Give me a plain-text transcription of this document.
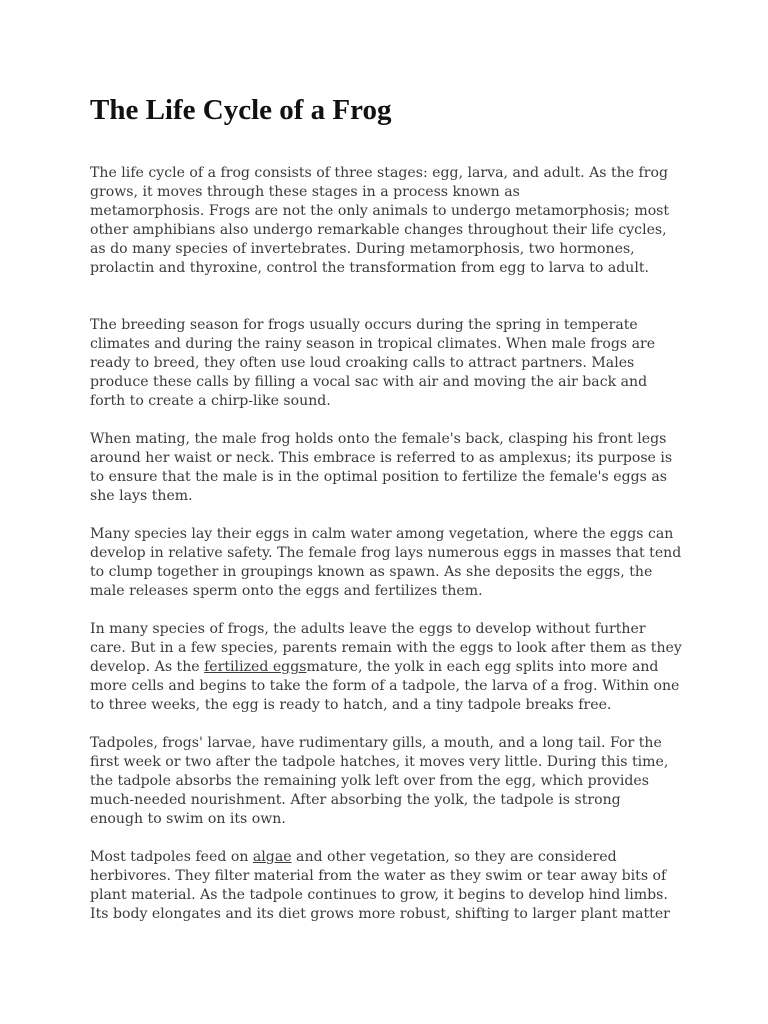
The Life Cycle of a Frog

The life cycle of a frog consists of three stages: egg, larva, and adult. As the frog
grows, it moves through these stages in a process known as
metamorphosis. Frogs are not the only animals to undergo metamorphosis; most
other amphibians also undergo remarkable changes throughout their life cycles,
as do many species of invertebrates. During metamorphosis, two hormones,
prolactin and thyroxine, control the transformation from egg to larva to adult.

The breeding season for frogs usually occurs during the spring in temperate
climates and during the rainy season in tropical climates. When male frogs are
ready to breed, they often use loud croaking calls to attract partners. Males
produce these calls by filling a vocal sac with air and moving the air back and
forth to create a chirp-like sound.

When mating, the male frog holds onto the female's back, clasping his front legs
around her waist or neck. This embrace is referred to as amplexus; its purpose is
to ensure that the male is in the optimal position to fertilize the female's eggs as
she lays them.

Many species lay their eggs in calm water among vegetation, where the eggs can
develop in relative safety. The female frog lays numerous eggs in masses that tend
to clump together in groupings known as spawn. As she deposits the eggs, the
male releases sperm onto the eggs and fertilizes them.

In many species of frogs, the adults leave the eggs to develop without further
care. But in a few species, parents remain with the eggs to look after them as they
develop. As the fertilized eggsmature, the yolk in each egg splits into more and
more cells and begins to take the form of a tadpole, the larva of a frog. Within one
to three weeks, the egg is ready to hatch, and a tiny tadpole breaks free.

Tadpoles, frogs' larvae, have rudimentary gills, a mouth, and a long tail. For the
first week or two after the tadpole hatches, it moves very little. During this time,
the tadpole absorbs the remaining yolk left over from the egg, which provides
much-needed nourishment. After absorbing the yolk, the tadpole is strong
enough to swim on its own.

Most tadpoles feed on algae and other vegetation, so they are considered
herbivores. They filter material from the water as they swim or tear away bits of
plant material. As the tadpole continues to grow, it begins to develop hind limbs.
Its body elongates and its diet grows more robust, shifting to larger plant matter
